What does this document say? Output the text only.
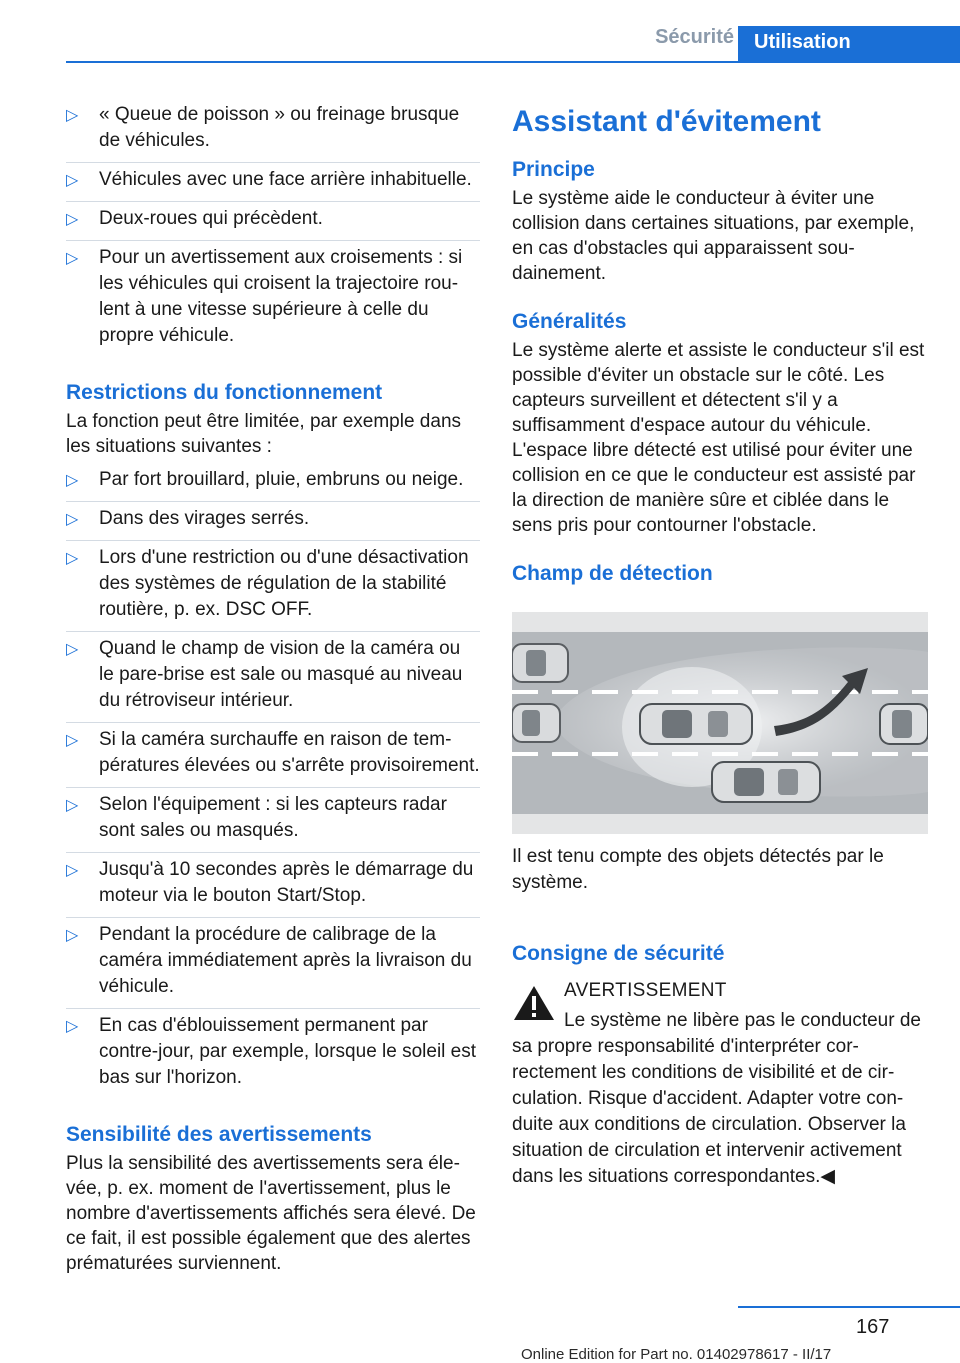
Sécurité	Utilisation
▷ « Queue de poisson » ou freinage brusque de véhicules.
▷ Véhicules avec une face arrière inhabituelle.
▷ Deux-roues qui précèdent.
▷ Pour un avertissement aux croisements : si les véhicules qui croisent la trajectoire roulent à une vitesse supérieure à celle du propre véhicule.
Restrictions du fonctionnement

La fonction peut être limitée, par exemple dans les situations suivantes :

▷ Par fort brouillard, pluie, embruns ou neige.
▷ Dans des virages serrés.
▷ Lors d'une restriction ou d'une désactivation des systèmes de régulation de la stabilité routière, p. ex. DSC OFF.
▷ Quand le champ de vision de la caméra ou le pare-brise est sale ou masqué au niveau du rétroviseur intérieur.
▷ Si la caméra surchauffe en raison de températures élevées ou s'arrête provisoirement.
▷ Selon l'équipement : si les capteurs radar sont sales ou masqués.
▷ Jusqu'à 10 secondes après le démarrage du moteur via le bouton Start/Stop.
▷ Pendant la procédure de calibrage de la caméra immédiatement après la livraison du véhicule.
▷ En cas d'éblouissement permanent par contre-jour, par exemple, lorsque le soleil est bas sur l'horizon.
Sensibilité des avertissements

Plus la sensibilité des avertissements sera élevée, p. ex. moment de l'avertissement, plus le nombre d'avertissements affichés sera élevé. De ce fait, il est possible également que des alertes prématurées surviennent.

Assistant d'évitement
Principe

Le système aide le conducteur à éviter une collision dans certaines situations, par exemple, en cas d'obstacles qui apparaissent soudainement.

Généralités

Le système alerte et assiste le conducteur s'il est possible d'éviter un obstacle sur le côté. Les capteurs surveillent et détectent s'il y a suffisamment d'espace autour du véhicule. L'espace libre détecté est utilisé pour éviter une collision en ce que le conducteur est assisté par la direction de manière sûre et ciblée dans le sens pris pour contourner l'obstacle.

Champ de détection

Il est tenu compte des objets détectés par le système.

Consigne de sécurité

AVERTISSEMENT

Le système ne libère pas le conducteur de sa propre responsabilité d'interpréter correctement les conditions de visibilité et de circulation. Risque d'accident. Adapter votre conduite aux conditions de circulation. Observer la situation de circulation et intervenir activement dans les situations correspondantes.◀

167
Online Edition for Part no. 01402978617 - II/17
